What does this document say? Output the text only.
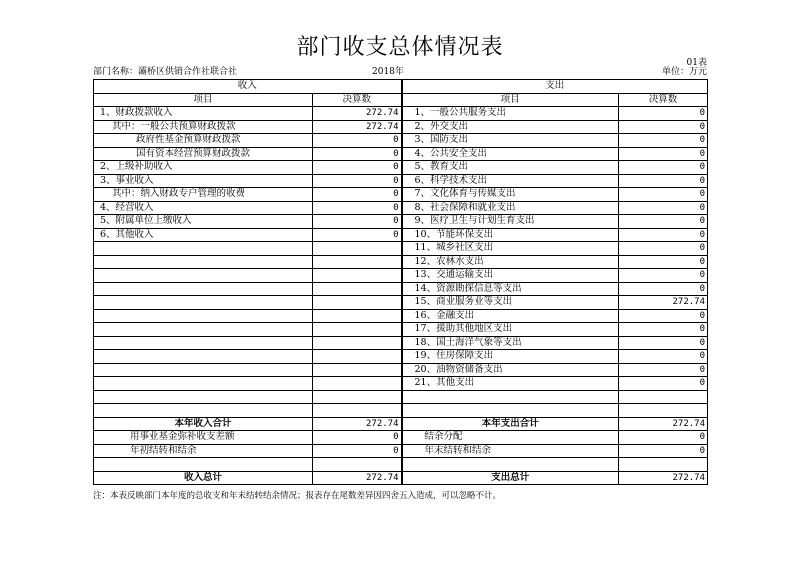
部门收支总体情况表
01表
部门名称：灞桥区供销合作社联合社	2018年	单位：万元
收入		支出	
项目	决算数	项目	决算数
1、财政拨款收入	272.74	1、一般公共服务支出	0
其中：一般公共预算财政拨款	272.74	2、外交支出	0
政府性基金预算财政拨款	0	3、国防支出	0
国有资本经营预算财政拨款	0	4、公共安全支出	0
2、上级补助收入	0	5、教育支出	0
3、事业收入	0	6、科学技术支出	0
其中：纳入财政专户管理的收费	0	7、文化体育与传媒支出	0
4、经营收入	0	8、社会保障和就业支出	0
5、附属单位上缴收入	0	9、医疗卫生与计划生育支出	0
6、其他收入	0	10、节能环保支出	0
		11、城乡社区支出	0
		12、农林水支出	0
		13、交通运输支出	0
		14、资源勘探信息等支出	0
		15、商业服务业等支出	272.74
		16、金融支出	0
		17、援助其他地区支出	0
		18、国土海洋气象等支出	0
		19、住房保障支出	0
		20、油物资储备支出	0
		21、其他支出	0

本年收入合计	272.74	本年支出合计	272.74
用事业基金弥补收支差额	0	结余分配	0
年初结转和结余	0	年末结转和结余	0

收入总计	272.74	支出总计	272.74
注：本表反映部门本年度的总收支和年末结转结余情况；报表存在尾数差异因四舍五入造成，可以忽略不计。
